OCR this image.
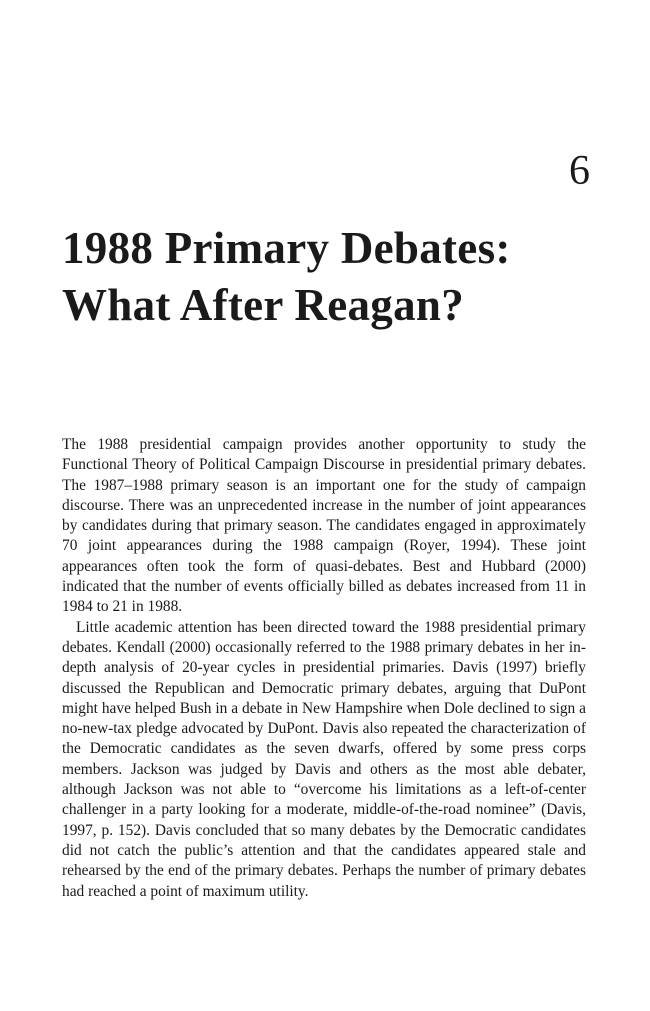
6
1988 Primary Debates:
What After Reagan?

The 1988 presidential campaign provides another opportunity to study the Functional Theory of Political Campaign Discourse in presidential primary debates. The 1987–1988 primary season is an important one for the study of campaign discourse. There was an unprecedented increase in the number of joint appearances by candidates during that primary season. The candidates engaged in approximately 70 joint appearances during the 1988 campaign (Royer, 1994). These joint appearances often took the form of quasi-debates. Best and Hubbard (2000) indicated that the number of events officially billed as debates increased from 11 in 1984 to 21 in 1988.

Little academic attention has been directed toward the 1988 presidential primary debates. Kendall (2000) occasionally referred to the 1988 primary debates in her in-depth analysis of 20-year cycles in presidential primaries. Davis (1997) briefly discussed the Republican and Democratic primary debates, arguing that DuPont might have helped Bush in a debate in New Hampshire when Dole declined to sign a no-new-tax pledge advocated by DuPont. Davis also repeated the characterization of the Democratic candidates as the seven dwarfs, offered by some press corps members. Jackson was judged by Davis and others as the most able debater, although Jackson was not able to “overcome his limitations as a left-of-center challenger in a party looking for a moderate, middle-of-the-road nominee” (Davis, 1997, p. 152). Davis concluded that so many debates by the Democratic candidates did not catch the public’s attention and that the candidates appeared stale and rehearsed by the end of the primary debates. Perhaps the number of primary debates had reached a point of maximum utility.
